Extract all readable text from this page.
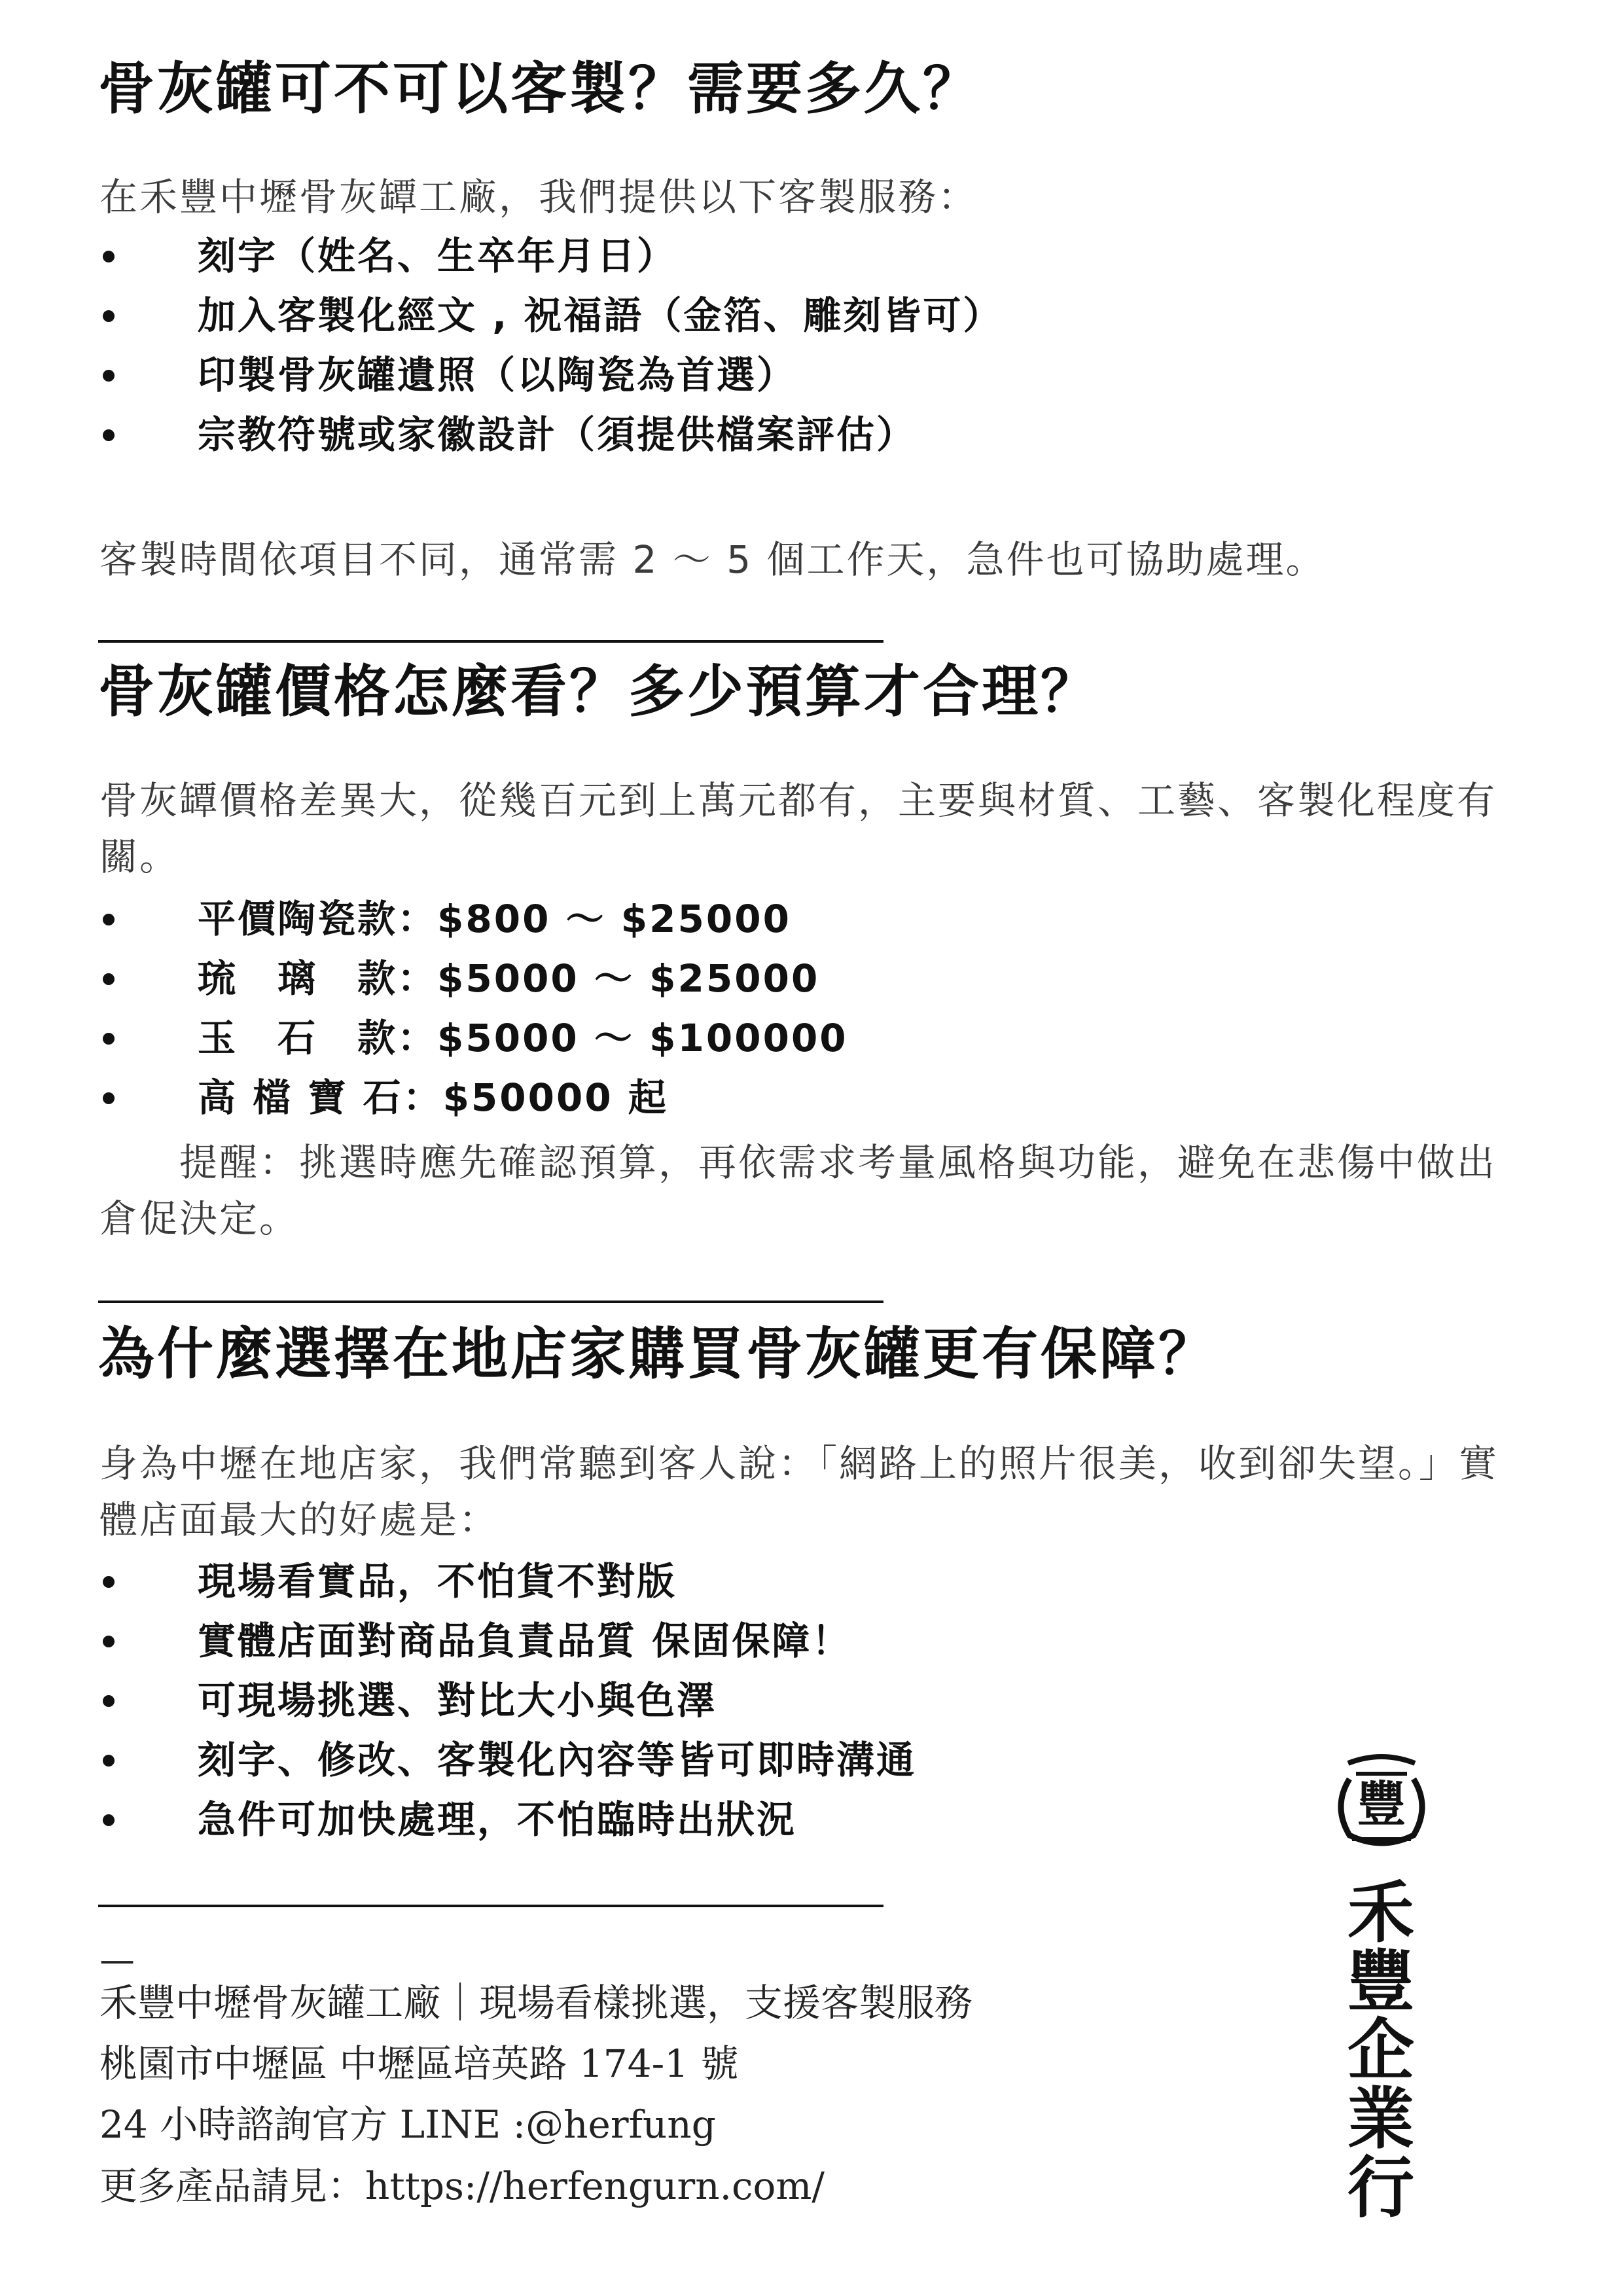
骨灰罐可不可以客製？需要多久？

在禾豐中壢骨灰罈工廠，我們提供以下客製服務：

刻字（姓名、生卒年月日）
加入客製化經文 , 祝福語（金箔、雕刻皆可）
印製骨灰罐遺照（以陶瓷為首選）
宗教符號或家徽設計（須提供檔案評估）

客製時間依項目不同，通常需 2 ～ 5 個工作天，急件也可協助處理。

骨灰罐價格怎麼看？多少預算才合理？

骨灰罈價格差異大，從幾百元到上萬元都有，主要與材質、工藝、客製化程度有關。

平價陶瓷款：$800 ～ $25000
琉　璃　款：$5000 ～ $25000
玉　石　款：$5000 ～ $100000
高 檔 寶 石：$50000 起

　　提醒：挑選時應先確認預算，再依需求考量風格與功能，避免在悲傷中做出倉促決定。

為什麼選擇在地店家購買骨灰罐更有保障？

身為中壢在地店家，我們常聽到客人說：「網路上的照片很美，收到卻失望。」實體店面最大的好處是：

現場看實品，不怕貨不對版
實體店面對商品負責品質 保固保障！
可現場挑選、對比大小與色澤
刻字、修改、客製化內容等皆可即時溝通
急件可加快處理，不怕臨時出狀況
—
禾豐中壢骨灰罐工廠｜現場看樣挑選，支援客製服務
桃園市中壢區 中壢區培英路 174-1 號
24 小時諮詢官方 LINE :@herfung
更多產品請見：https://herfengurn.com/
豐
禾
豐
企
業
行
